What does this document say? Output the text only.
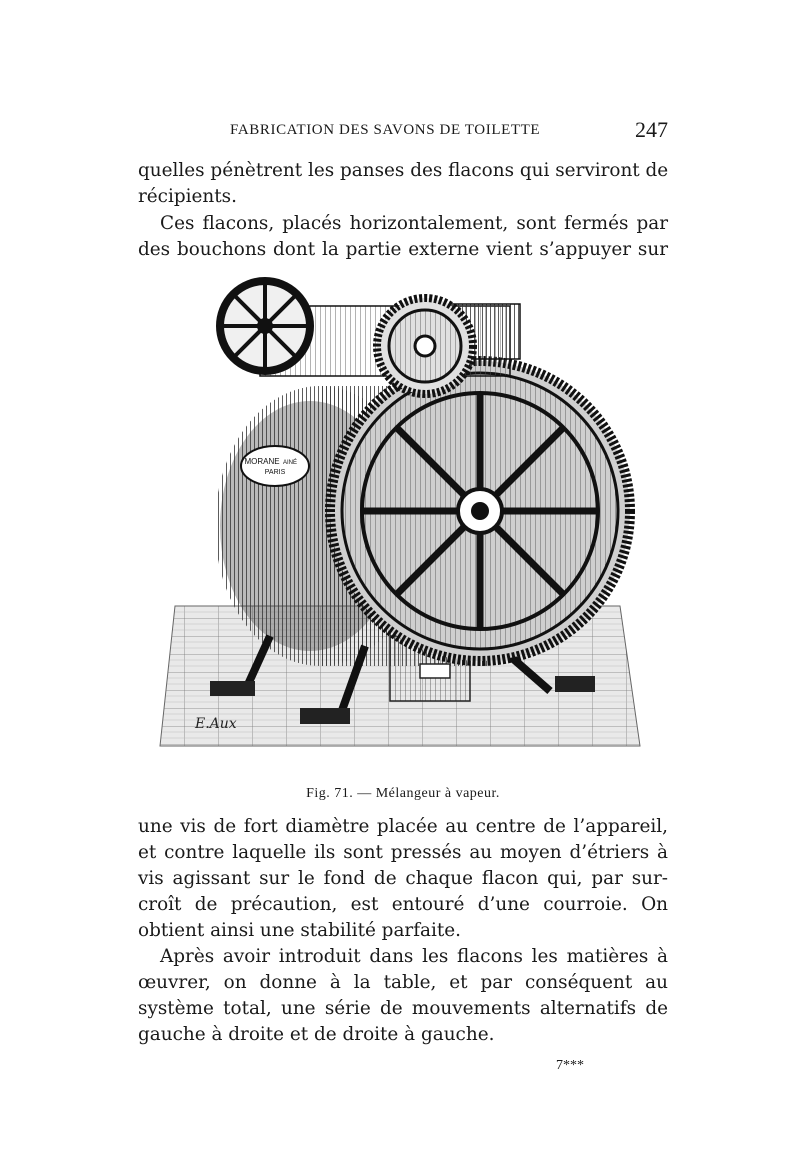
FABRICATION DES SAVONS DE TOILETTE	247
quelles pénètrent les panses des flacons qui serviront de
récipients.
Ces flacons, placés horizontalement, sont fermés par
des bouchons dont la partie externe vient s’appuyer sur
MORANE AINÉ
PARIS
E.Aux
Fig. 71. — Mélangeur à vapeur.
une vis de fort diamètre placée au centre de l’appareil,
et contre laquelle ils sont pressés au moyen d’étriers à
vis agissant sur le fond de chaque flacon qui, par sur-
croît de précaution, est entouré d’une courroie. On
obtient ainsi une stabilité parfaite.
Après avoir introduit dans les flacons les matières à
œuvrer, on donne à la table, et par conséquent au
système total, une série de mouvements alternatifs de
gauche à droite et de droite à gauche.
7***
